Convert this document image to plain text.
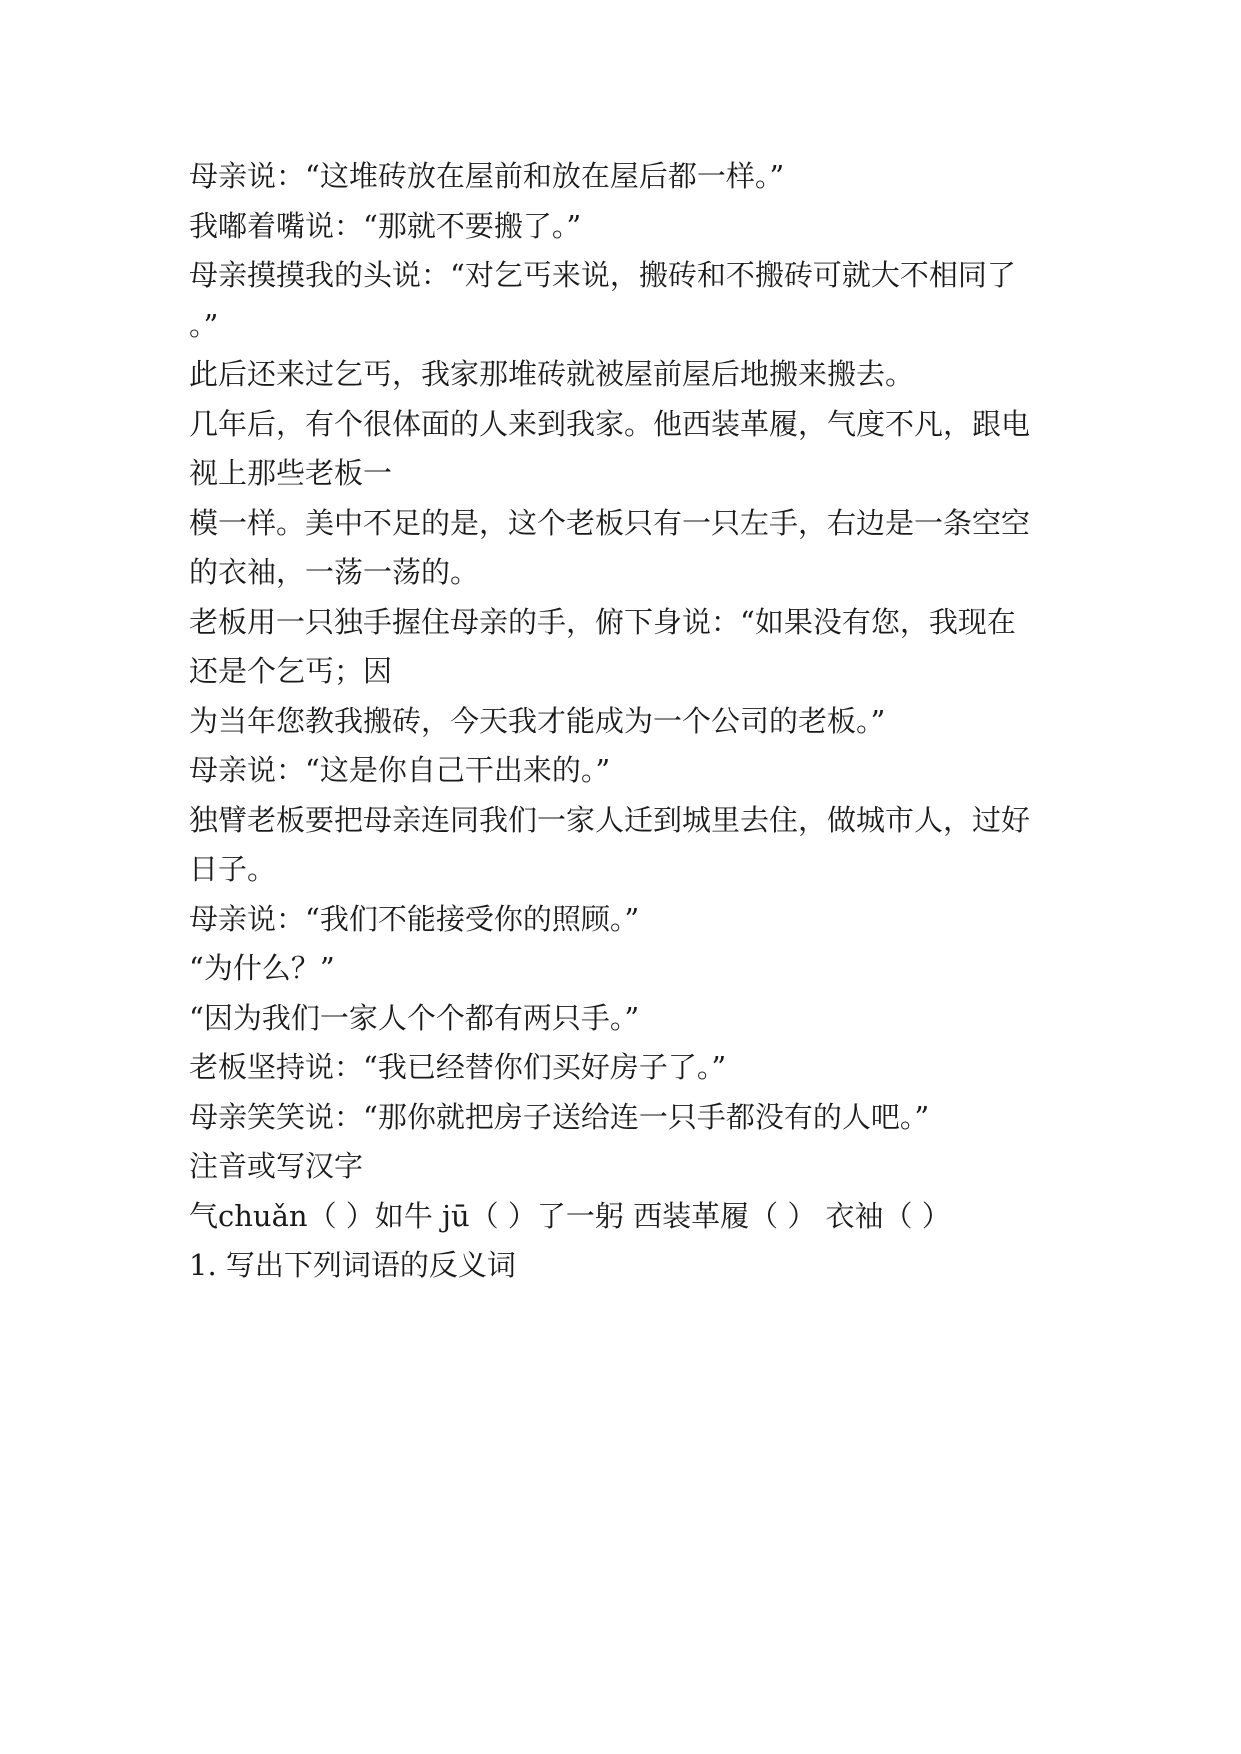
母亲说：“这堆砖放在屋前和放在屋后都一样。”
我嘟着嘴说：“那就不要搬了。”
母亲摸摸我的头说：“对乞丐来说，搬砖和不搬砖可就大不相同了
。”
此后还来过乞丐，我家那堆砖就被屋前屋后地搬来搬去。
几年后，有个很体面的人来到我家。他西装革履，气度不凡，跟电
视上那些老板一
模一样。美中不足的是，这个老板只有一只左手，右边是一条空空
的衣袖，一荡一荡的。
老板用一只独手握住母亲的手，俯下身说：“如果没有您，我现在
还是个乞丐；因
为当年您教我搬砖，今天我才能成为一个公司的老板。”
母亲说：“这是你自己干出来的。”
独臂老板要把母亲连同我们一家人迁到城里去住，做城市人，过好
日子。
母亲说：“我们不能接受你的照顾。”
“为什么？”
“因为我们一家人个个都有两只手。”
老板坚持说：“我已经替你们买好房子了。”
母亲笑笑说：“那你就把房子送给连一只手都没有的人吧。”
注音或写汉字
气chuǎn（ ）如牛 jū（ ）了一躬 西装革履（ ） 衣袖（ ）
1. 写出下列词语的反义词
